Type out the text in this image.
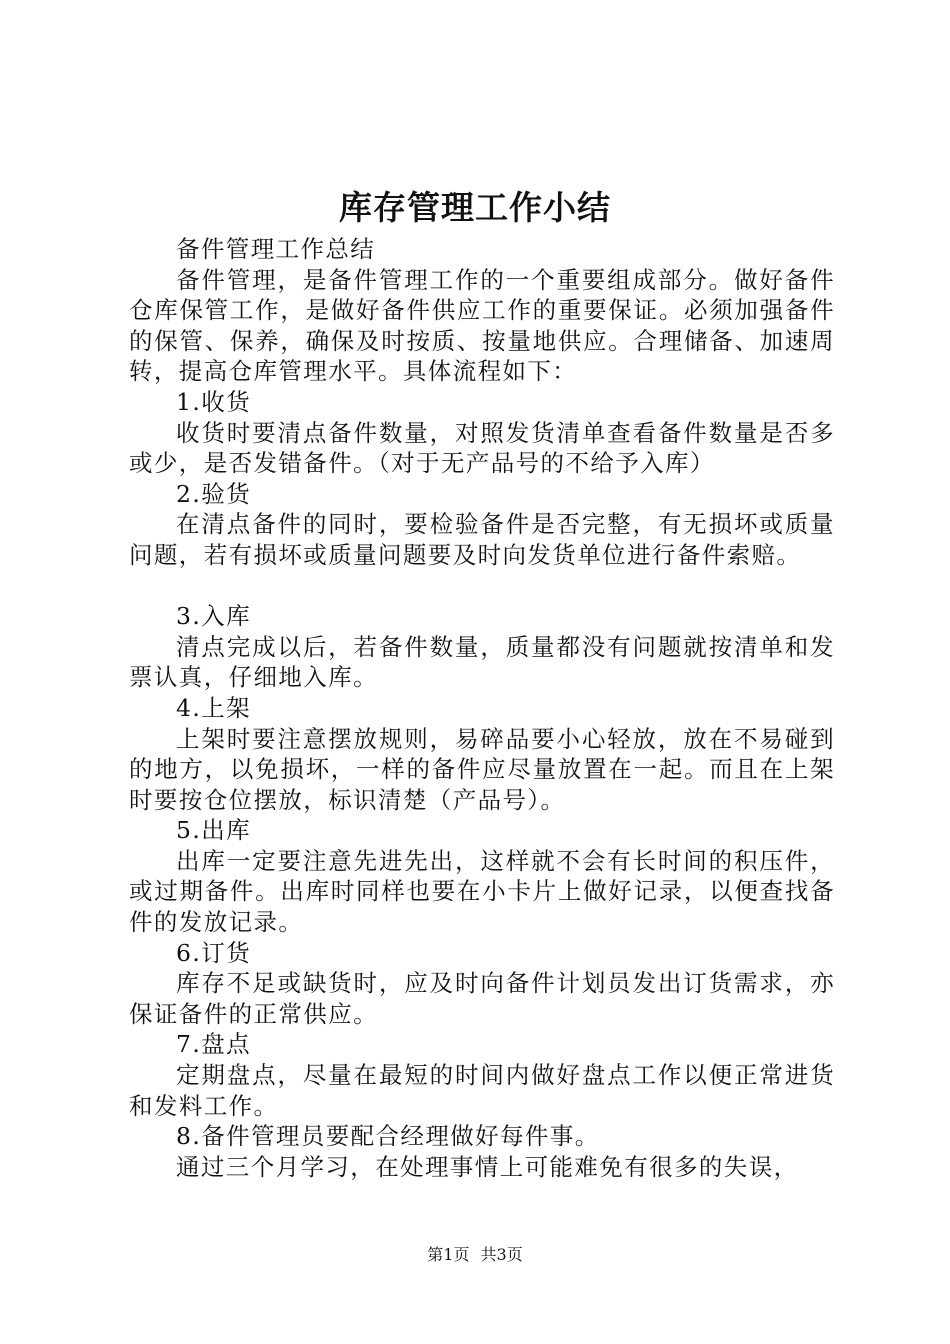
库存管理工作小结

备件管理工作总结

备件管理，是备件管理工作的一个重要组成部分。做好备件仓库保管工作，是做好备件供应工作的重要保证。必须加强备件的保管、保养，确保及时按质、按量地供应。合理储备、加速周转，提高仓库管理水平。具体流程如下：

1.收货

收货时要清点备件数量，对照发货清单查看备件数量是否多或少，是否发错备件。（对于无产品号的不给予入库）

2.验货

在清点备件的同时，要检验备件是否完整，有无损坏或质量问题，若有损坏或质量问题要及时向发货单位进行备件索赔。

3.入库

清点完成以后，若备件数量，质量都没有问题就按清单和发票认真，仔细地入库。

4.上架

上架时要注意摆放规则，易碎品要小心轻放，放在不易碰到的地方，以免损坏，一样的备件应尽量放置在一起。而且在上架时要按仓位摆放，标识清楚（产品号）。

5.出库

出库一定要注意先进先出，这样就不会有长时间的积压件，或过期备件。出库时同样也要在小卡片上做好记录，以便查找备件的发放记录。

6.订货

库存不足或缺货时，应及时向备件计划员发出订货需求，亦保证备件的正常供应。

7.盘点

定期盘点，尽量在最短的时间内做好盘点工作以便正常进货和发料工作。

8.备件管理员要配合经理做好每件事。

通过三个月学习，在处理事情上可能难免有很多的失误，

第1页 共3页
